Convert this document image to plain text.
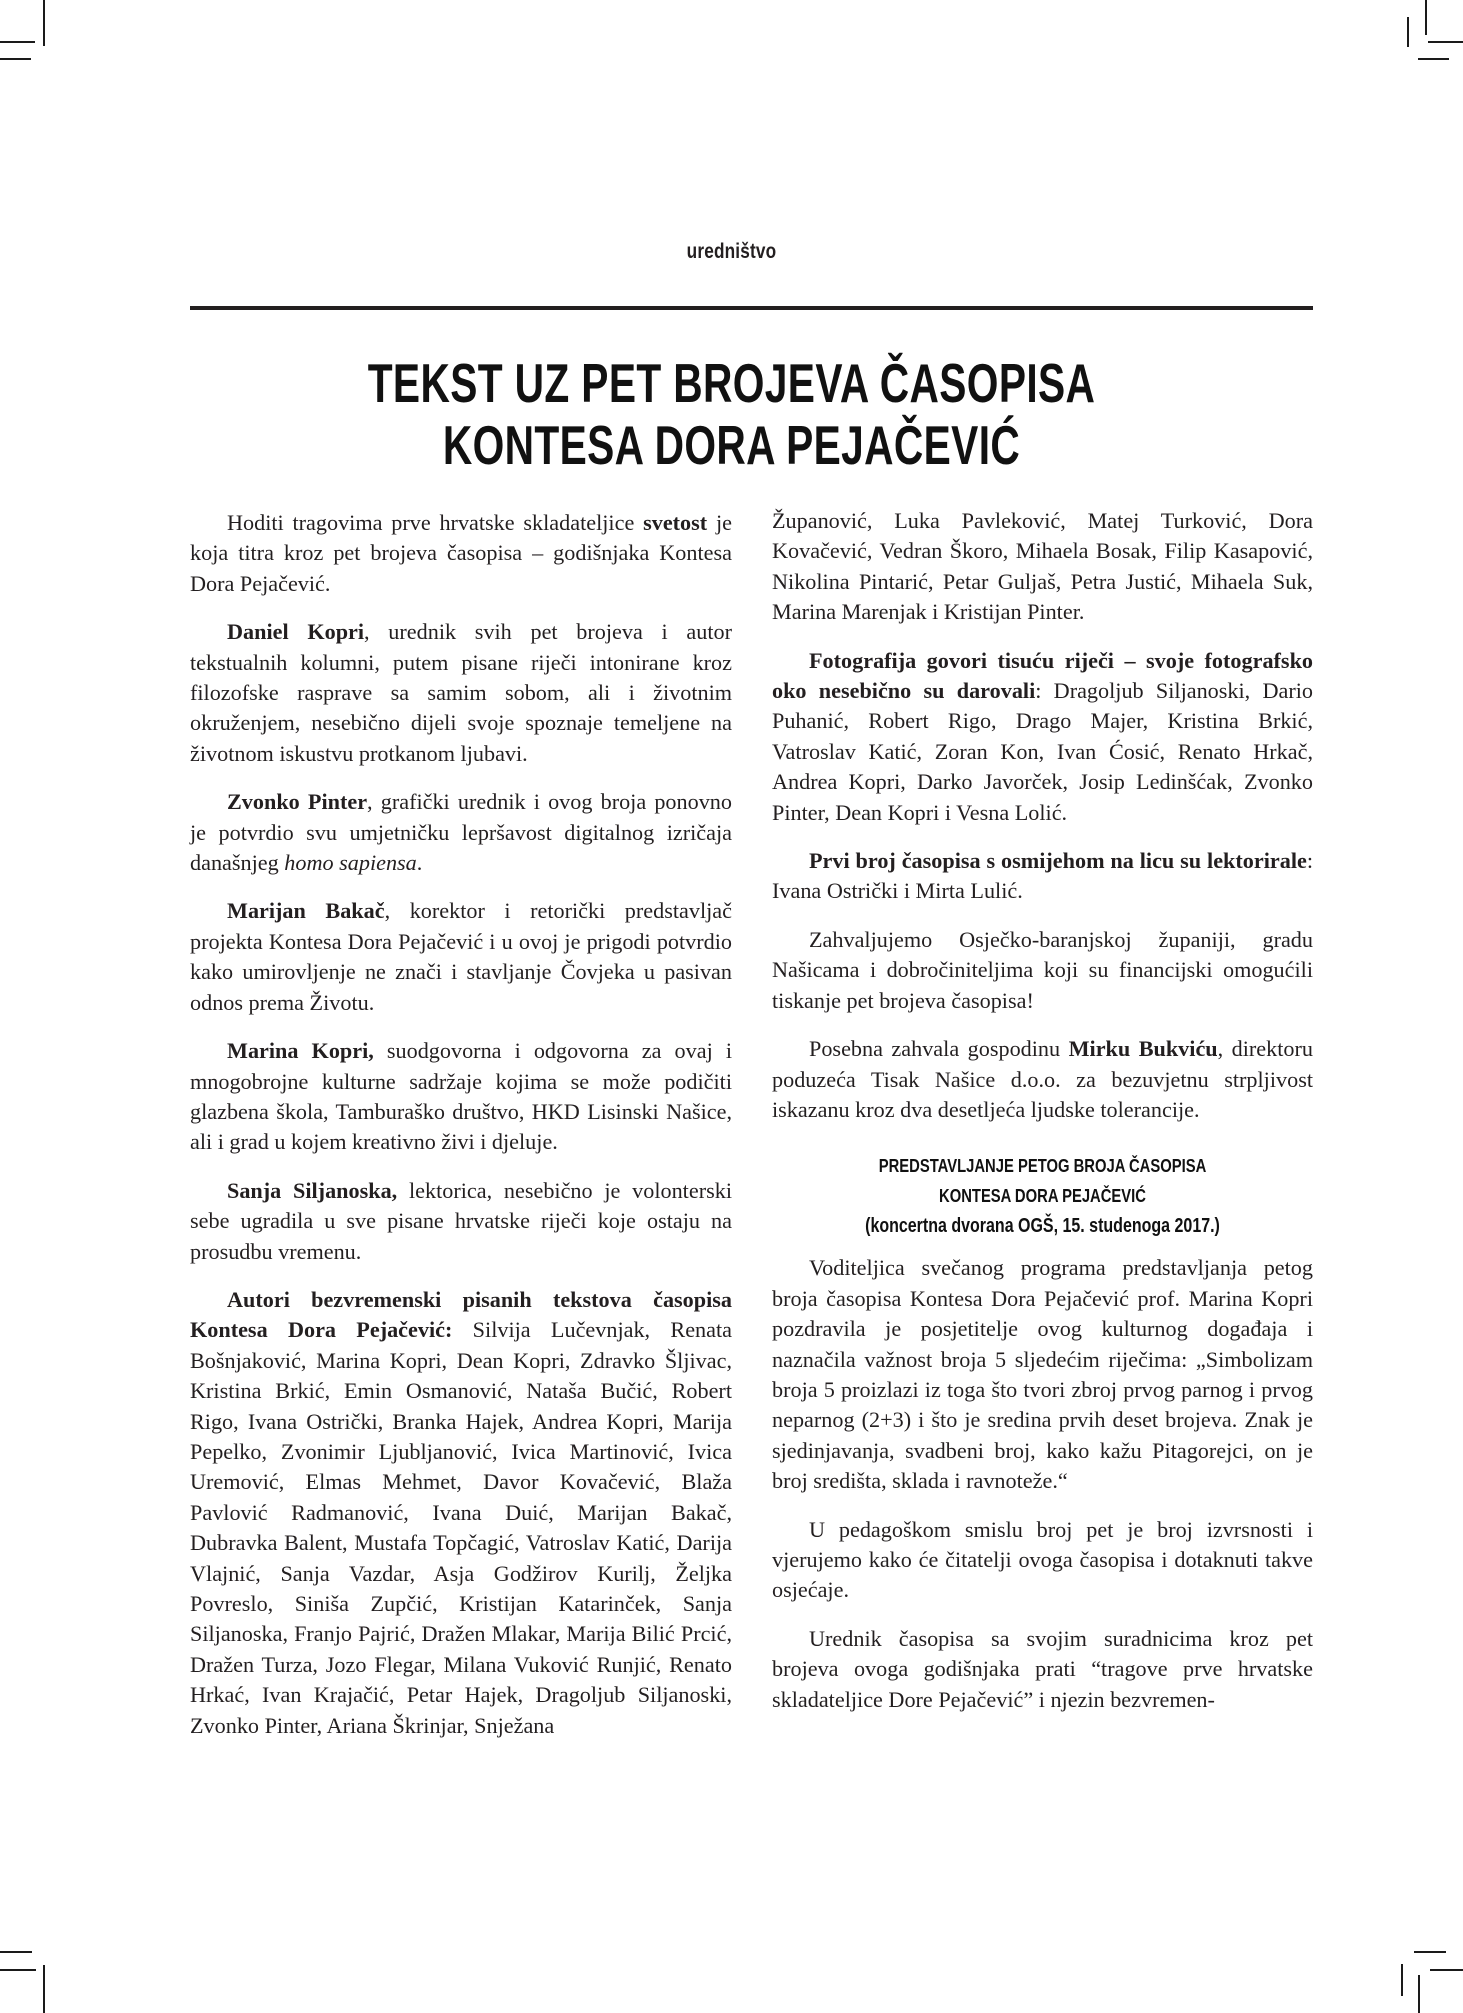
uredništvo
TEKST UZ PET BROJEVA ČASOPISA
KONTESA DORA PEJAČEVIĆ

Hoditi tragovima prve hrvatske skladateljice svetost je koja titra kroz pet brojeva časopisa – godišnjaka Kontesa Dora Pejačević.

Daniel Kopri, urednik svih pet brojeva i autor tekstualnih kolumni, putem pisane riječi intonirane kroz filozofske rasprave sa samim sobom, ali i životnim okruženjem, nesebično dijeli svoje spoznaje temeljene na životnom iskustvu protkanom ljubavi.

Zvonko Pinter, grafički urednik i ovog broja ponovno je potvrdio svu umjetničku lepršavost digitalnog izričaja današnjeg homo sapiensa.

Marijan Bakač, korektor i retorički predstavljač projekta Kontesa Dora Pejačević i u ovoj je prigodi potvrdio kako umirovljenje ne znači i stavljanje Čovjeka u pasivan odnos prema Životu.

Marina Kopri, suodgovorna i odgovorna za ovaj i mnogobrojne kulturne sadržaje kojima se može podičiti glazbena škola, Tamburaško društvo, HKD Lisinski Našice, ali i grad u kojem kreativno živi i djeluje.

Sanja Siljanoska, lektorica, nesebično je volonterski sebe ugradila u sve pisane hrvatske riječi koje ostaju na prosudbu vremenu.

Autori bezvremenski pisanih tekstova časopisa Kontesa Dora Pejačević: Silvija Lučevnjak, Renata Bošnjaković, Marina Kopri, Dean Kopri, Zdravko Šljivac, Kristina Brkić, Emin Osmanović, Nataša Bučić, Robert Rigo, Ivana Ostrički, Branka Hajek, Andrea Kopri, Marija Pepelko, Zvonimir Ljubljanović, Ivica Martinović, Ivica Uremović, Elmas Mehmet, Davor Kovačević, Blaža Pavlović Radmanović, Ivana Duić, Marijan Bakač, Dubravka Balent, Mustafa Topčagić, Vatroslav Katić, Darija Vlajnić, Sanja Vazdar, Asja Godžirov Kurilj, Željka Povreslo, Siniša Zupčić, Kristijan Katarinček, Sanja Siljanoska, Franjo Pajrić, Dražen Mlakar, Marija Bilić Prcić, Dražen Turza, Jozo Flegar, Milana Vuković Runjić, Renato Hrkać, Ivan Krajačić, Petar Hajek, Dragoljub Siljanoski, Zvonko Pinter, Ariana Škrinjar, Snježana

Županović, Luka Pavleković, Matej Turković, Dora Kovačević, Vedran Škoro, Mihaela Bosak, Filip Kasapović, Nikolina Pintarić, Petar Guljaš, Petra Justić, Mihaela Suk, Marina Marenjak i Kristijan Pinter.

Fotografija govori tisuću riječi – svoje fotografsko oko nesebično su darovali: Dragoljub Siljanoski, Dario Puhanić, Robert Rigo, Drago Majer, Kristina Brkić, Vatroslav Katić, Zoran Kon, Ivan Ćosić, Renato Hrkač, Andrea Kopri, Darko Javorček, Josip Ledinšćak, Zvonko Pinter, Dean Kopri i Vesna Lolić.

Prvi broj časopisa s osmijehom na licu su lektorirale: Ivana Ostrički i Mirta Lulić.

Zahvaljujemo Osječko-baranjskoj županiji, gradu Našicama i dobročiniteljima koji su financijski omogućili tiskanje pet brojeva časopisa!

Posebna zahvala gospodinu Mirku Bukviću, direktoru poduzeća Tisak Našice d.o.o. za bezuvjetnu strpljivost iskazanu kroz dva desetljeća ljudske tolerancije.

PREDSTAVLJANJE PETOG BROJA ČASOPISA
KONTESA DORA PEJAČEVIĆ
(koncertna dvorana OGŠ, 15. studenoga 2017.)

Voditeljica svečanog programa predstavljanja petog broja časopisa Kontesa Dora Pejačević prof. Marina Kopri pozdravila je posjetitelje ovog kulturnog događaja i naznačila važnost broja 5 sljedećim riječima: „Simbolizam broja 5 proizlazi iz toga što tvori zbroj prvog parnog i prvog neparnog (2+3) i što je sredina prvih deset brojeva. Znak je sjedinjavanja, svadbeni broj, kako kažu Pitagorejci, on je broj središta, sklada i ravnoteže.“

U pedagoškom smislu broj pet je broj izvrsnosti i vjerujemo kako će čitatelji ovoga časopisa i dotaknuti takve osjećaje.

Urednik časopisa sa svojim suradnicima kroz pet brojeva ovoga godišnjaka prati “tragove prve hrvatske skladateljice Dore Pejačević” i njezin bezvremen-
